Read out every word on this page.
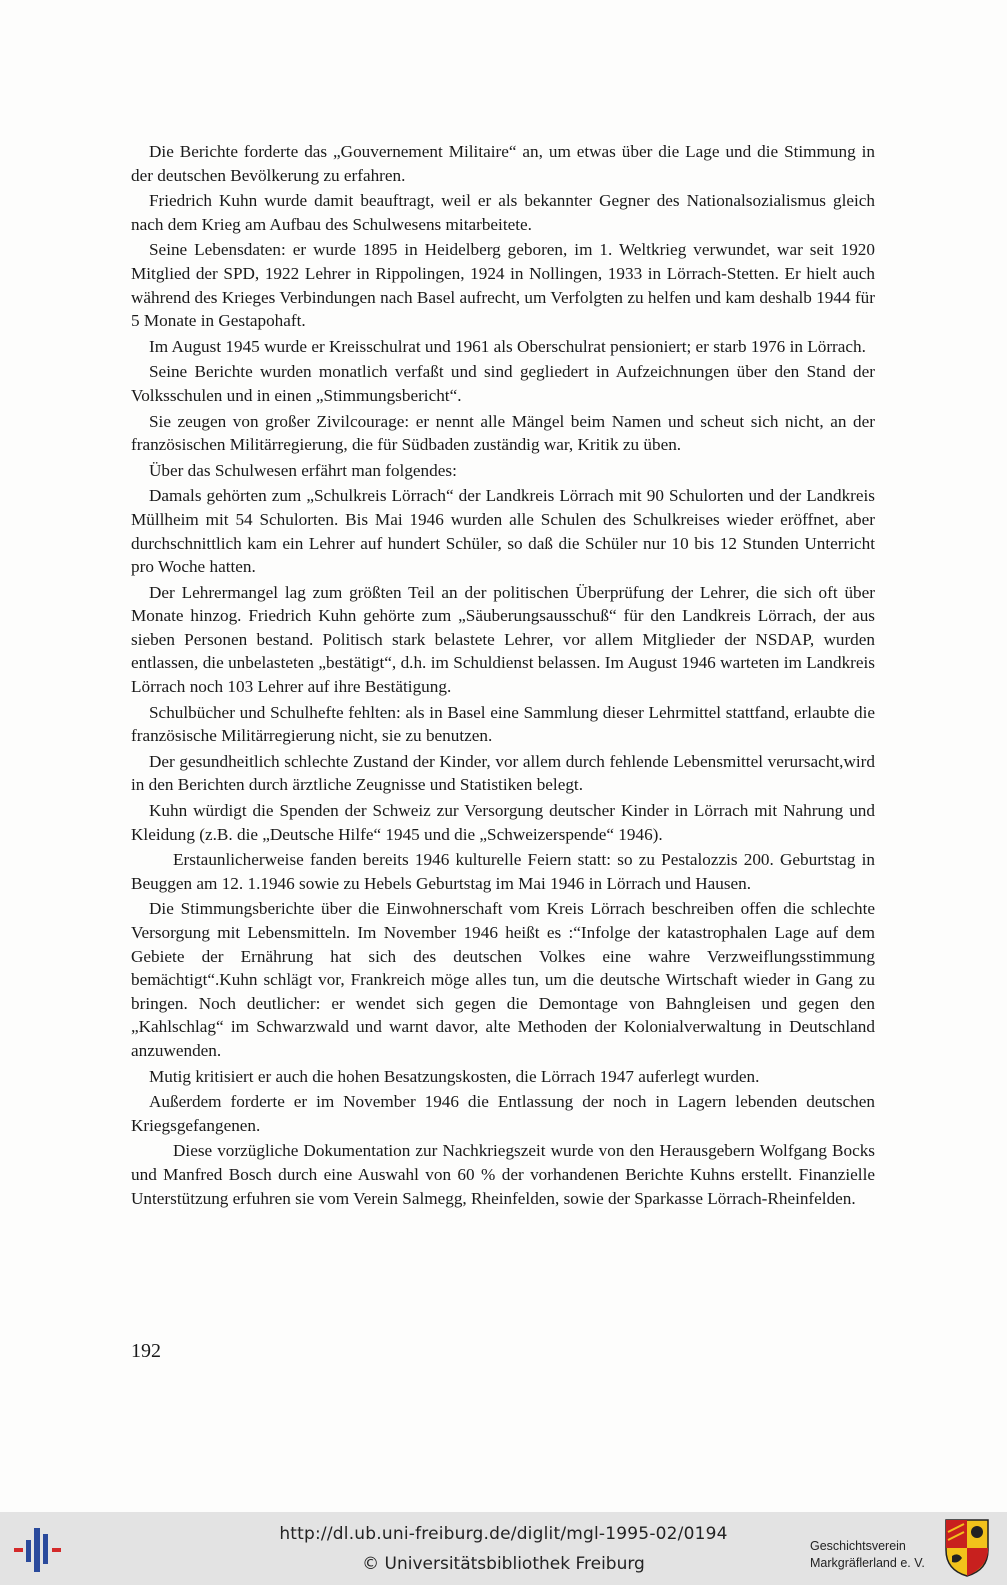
Die Berichte forderte das „Gouvernement Militaire“ an, um etwas über die Lage und die Stimmung in der deutschen Bevölkerung zu erfahren.

Friedrich Kuhn wurde damit beauftragt, weil er als bekannter Gegner des Nationalsozialismus gleich nach dem Krieg am Aufbau des Schulwesens mitarbeitete.

Seine Lebensdaten: er wurde 1895 in Heidelberg geboren, im 1. Weltkrieg verwundet, war seit 1920 Mitglied der SPD, 1922 Lehrer in Rippolingen, 1924 in Nollingen, 1933 in Lörrach-Stetten. Er hielt auch während des Krieges Verbindungen nach Basel aufrecht, um Verfolgten zu helfen und kam deshalb 1944 für 5 Monate in Gestapohaft.

Im August 1945 wurde er Kreisschulrat und 1961 als Oberschulrat pensioniert; er starb 1976 in Lörrach.

Seine Berichte wurden monatlich verfaßt und sind gegliedert in Aufzeichnungen über den Stand der Volksschulen und in einen „Stimmungsbericht“.

Sie zeugen von großer Zivilcourage: er nennt alle Mängel beim Namen und scheut sich nicht, an der französischen Militärregierung, die für Südbaden zuständig war, Kritik zu üben.

Über das Schulwesen erfährt man folgendes:

Damals gehörten zum „Schulkreis Lörrach“ der Landkreis Lörrach mit 90 Schulorten und der Landkreis Müllheim mit 54 Schulorten. Bis Mai 1946 wurden alle Schulen des Schulkreises wieder eröffnet, aber durchschnittlich kam ein Lehrer auf hundert Schüler, so daß die Schüler nur 10 bis 12 Stunden Unterricht pro Woche hatten.

Der Lehrermangel lag zum größten Teil an der politischen Überprüfung der Lehrer, die sich oft über Monate hinzog. Friedrich Kuhn gehörte zum „Säuberungsausschuß“ für den Landkreis Lörrach, der aus sieben Personen bestand. Politisch stark belastete Lehrer, vor allem Mitglieder der NSDAP, wurden entlassen, die unbelasteten „bestätigt“, d.h. im Schuldienst belassen. Im August 1946 warteten im Landkreis Lörrach noch 103 Lehrer auf ihre Bestätigung.

Schulbücher und Schulhefte fehlten: als in Basel eine Sammlung dieser Lehrmittel stattfand, erlaubte die französische Militärregierung nicht, sie zu benutzen.

Der gesundheitlich schlechte Zustand der Kinder, vor allem durch fehlende Lebensmittel verursacht,wird in den Berichten durch ärztliche Zeugnisse und Statistiken belegt.

Kuhn würdigt die Spenden der Schweiz zur Versorgung deutscher Kinder in Lörrach mit Nahrung und Kleidung (z.B. die „Deutsche Hilfe“ 1945 und die „Schweizerspende“ 1946).

Erstaunlicherweise fanden bereits 1946 kulturelle Feiern statt: so zu Pestalozzis 200. Geburtstag in Beuggen am 12. 1.1946 sowie zu Hebels Geburtstag im Mai 1946 in Lörrach und Hausen.

Die Stimmungsberichte über die Einwohnerschaft vom Kreis Lörrach beschreiben offen die schlechte Versorgung mit Lebensmitteln. Im November 1946 heißt es :“Infolge der katastrophalen Lage auf dem Gebiete der Ernährung hat sich des deutschen Volkes eine wahre Verzweiflungsstimmung bemächtigt“.Kuhn schlägt vor, Frankreich möge alles tun, um die deutsche Wirtschaft wieder in Gang zu bringen. Noch deutlicher: er wendet sich gegen die Demontage von Bahngleisen und gegen den „Kahlschlag“ im Schwarzwald und warnt davor, alte Methoden der Kolonialverwaltung in Deutschland anzuwenden.

Mutig kritisiert er auch die hohen Besatzungskosten, die Lörrach 1947 auferlegt wurden.

Außerdem forderte er im November 1946 die Entlassung der noch in Lagern lebenden deutschen Kriegsgefangenen.

Diese vorzügliche Dokumentation zur Nachkriegszeit wurde von den Herausgebern Wolfgang Bocks und Manfred Bosch durch eine Auswahl von 60 % der vorhandenen Berichte Kuhns erstellt. Finanzielle Unterstützung erfuhren sie vom Verein Salmegg, Rheinfelden, sowie der Sparkasse Lörrach-Rheinfelden.

192
http://dl.ub.uni-freiburg.de/diglit/mgl-1995-02/0194
© Universitätsbibliothek Freiburg
Geschichtsverein
Markgräflerland e. V.
